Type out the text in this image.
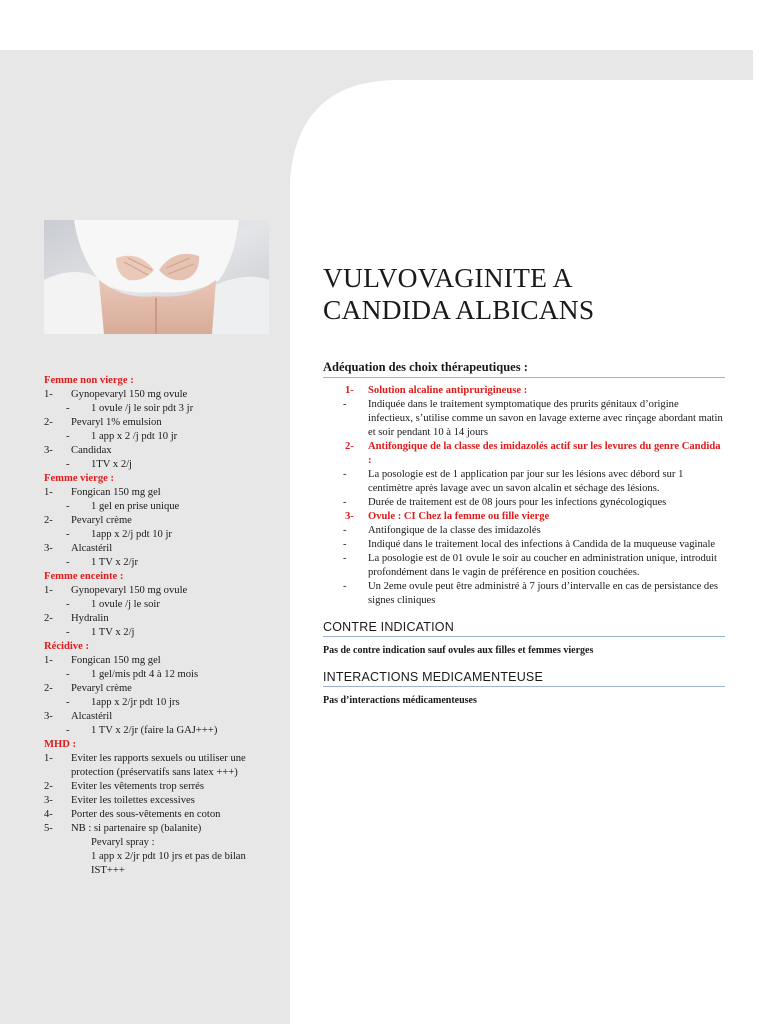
Femme non vierge :
1-	Gynopevaryl 150 mg ovule
-	1 ovule /j le soir pdt 3 jr
2-	Pevaryl 1% emulsion
-	1 app x 2 /j pdt 10 jr
3-	Candidax
-	1TV x 2/j
Femme vierge :
1-	Fongican 150 mg gel
-	1 gel en prise unique
2-	Pevaryl crème
-	1app x 2/j pdt 10 jr
3-	Alcastéril
-	1 TV x 2/jr
Femme enceinte :
1-	Gynopevaryl 150 mg ovule
-	1 ovule /j le soir
2-	Hydralin
-	1 TV x 2/j
Récidive :
1-	Fongican 150 mg gel
-	1 gel/mis pdt 4 à 12 mois
2-	Pevaryl crème
-	1app x 2/jr pdt 10 jrs
3-	Alcastéril
-	1 TV x 2/jr (faire la GAJ+++)
MHD :
1-	Eviter les rapports sexuels ou utiliser une protection (préservatifs sans latex +++)
2-	Eviter les vêtements trop serrés
3-	Eviter les toilettes excessives
4-	Porter des sous-vêtements en coton
5-	NB : si partenaire sp (balanite)
Pevaryl spray :
1 app x 2/jr pdt 10 jrs et pas de bilan IST+++
VULVOVAGINITE A
CANDIDA ALBICANS
Adéquation des choix thérapeutiques :
1-	Solution alcaline antiprurigineuse :
-	Indiquée dans le traitement symptomatique des prurits génitaux d’origine infectieux, s’utilise comme un savon en lavage externe avec rinçage abordant matin et soir pendant 10 à 14 jours
2-	Antifongique de la classe des imidazolés actif sur les levures du genre Candida :
-	La posologie est de 1 application par jour sur les lésions avec débord sur 1 centimètre après lavage avec un savon alcalin et séchage des lésions.
-	Durée de traitement est de 08 jours pour les infections gynécologiques
3-	Ovule : CI Chez la femme ou fille vierge
-	Antifongique de la classe des imidazolés
-	Indiqué dans le traitement local des infections à Candida de la muqueuse vaginale
-	La posologie est de 01 ovule le soir au coucher en administration unique, introduit profondément dans le vagin de préférence en position couchées.
-	Un 2eme ovule peut être administré à 7 jours d’intervalle en cas de persistance des signes cliniques
CONTRE INDICATION
Pas de contre indication sauf ovules aux filles et femmes vierges
INTERACTIONS MEDICAMENTEUSE
Pas d’interactions médicamenteuses
